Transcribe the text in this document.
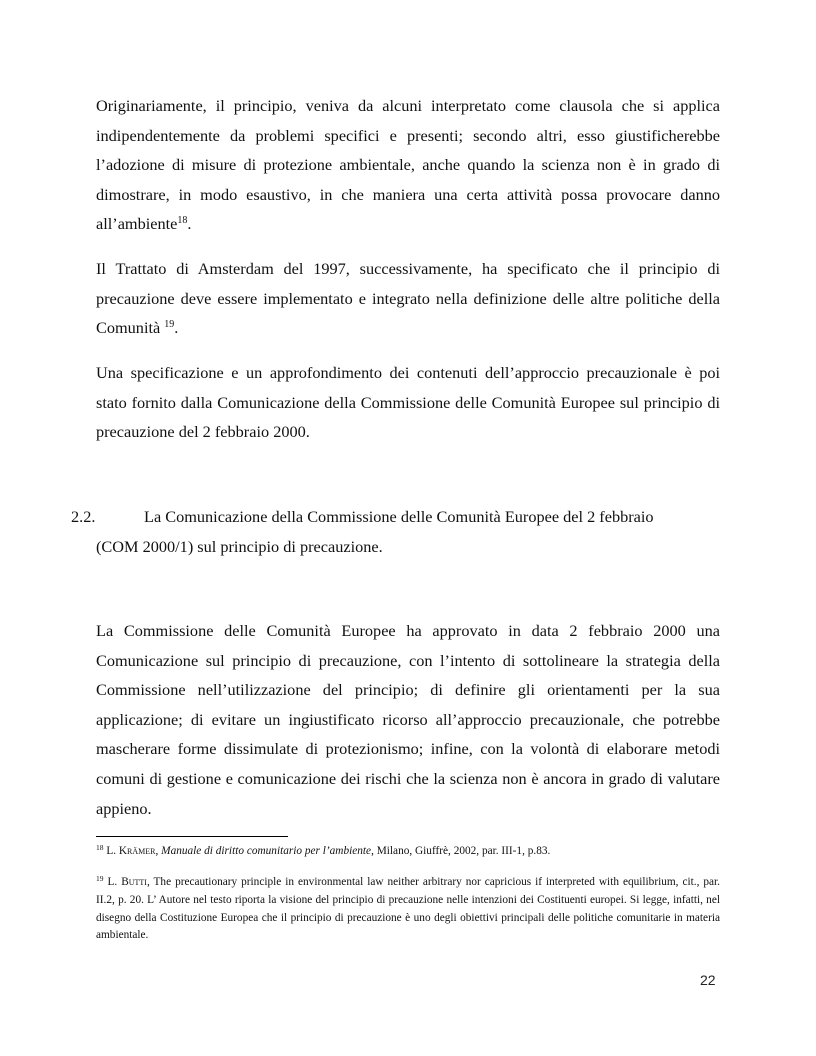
Originariamente, il principio, veniva da alcuni interpretato come clausola che si applica indipendentemente da problemi specifici e presenti; secondo altri, esso giustificherebbe l’adozione di misure di protezione ambientale, anche quando la scienza non è in grado di dimostrare, in modo esaustivo, in che maniera una certa attività possa provocare danno all’ambiente$^{18}$.

Il Trattato di Amsterdam del 1997, successivamente, ha specificato che il principio di precauzione deve essere implementato e integrato nella definizione delle altre politiche della Comunità $^{19}$.

Una specificazione e un approfondimento dei contenuti dell’approccio precauzionale è poi stato fornito dalla Comunicazione della Commissione delle Comunità Europee sul principio di precauzione del 2 febbraio 2000.

2.2.	La Comunicazione della Commissione delle Comunità Europee del 2 febbraio
(COM 2000/1) sul principio di precauzione.

La Commissione delle Comunità Europee ha approvato in data 2 febbraio 2000 una Comunicazione sul principio di precauzione, con l’intento di sottolineare la strategia della Commissione nell’utilizzazione del principio; di definire gli orientamenti per la sua applicazione; di evitare un ingiustificato ricorso all’approccio precauzionale, che potrebbe mascherare forme dissimulate di protezionismo; infine, con la volontà di elaborare metodi comuni di gestione e comunicazione dei rischi che la scienza non è ancora in grado di valutare appieno.

$^{18}$ L. Krämer, Manuale di diritto comunitario per l’ambiente, Milano, Giuffrè, 2002, par. III-1, p.83.

$^{19}$ L. Butti, The precautionary principle in environmental law neither arbitrary nor capricious if interpreted with equilibrium, cit., par. II.2, p. 20. L’ Autore nel testo riporta la visione del principio di precauzione nelle intenzioni dei Costituenti europei. Si legge, infatti, nel disegno della Costituzione Europea che il principio di precauzione è uno degli obiettivi principali delle politiche comunitarie in materia ambientale.

22
